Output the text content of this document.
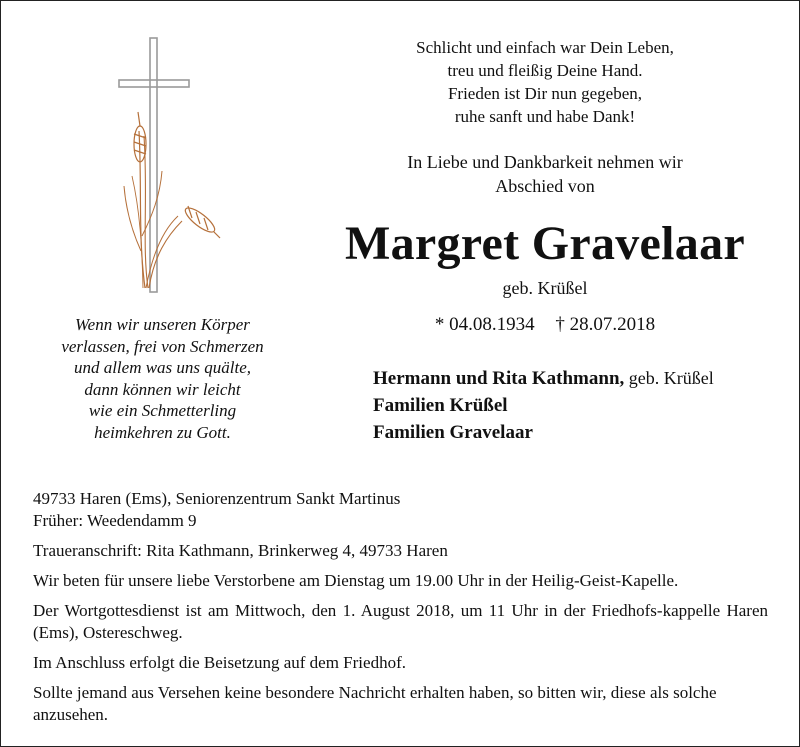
Schlicht und einfach war Dein Leben,
treu und fleißig Deine Hand.
Frieden ist Dir nun gegeben,
ruhe sanft und habe Dank!
In Liebe und Dankbarkeit nehmen wir
Abschied von
Margret Gravelaar
geb. Krüßel
* 04.08.1934 † 28.07.2018
Hermann und Rita Kathmann, geb. Krüßel
Familien Krüßel
Familien Gravelaar
Wenn wir unseren Körper
verlassen, frei von Schmerzen
und allem was uns quälte,
dann können wir leicht
wie ein Schmetterling
heimkehren zu Gott.

49733 Haren (Ems), Seniorenzentrum Sankt Martinus

Früher: Weedendamm 9

Traueranschrift: Rita Kathmann, Brinkerweg 4, 49733 Haren

Wir beten für unsere liebe Verstorbene am Dienstag um 19.00 Uhr in der Heilig-Geist-Kapelle.

Der Wortgottesdienst ist am Mittwoch, den 1. August 2018, um 11 Uhr in der Friedhofs-kappelle Haren (Ems), Ostereschweg.

Im Anschluss erfolgt die Beisetzung auf dem Friedhof.

Sollte jemand aus Versehen keine besondere Nachricht erhalten haben, so bitten wir, diese als solche anzusehen.
